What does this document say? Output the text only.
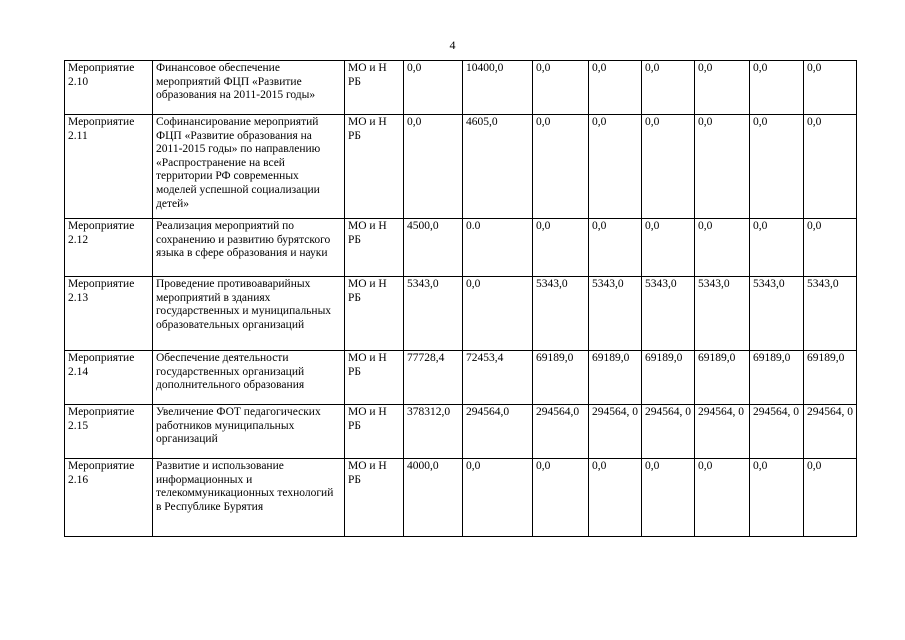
4
Мероприятие 2.10	Финансовое обеспечение мероприятий ФЦП «Развитие образования на 2011-2015 годы»	МО и Н РБ	0,0	10400,0	0,0	0,0	0,0	0,0	0,0	0,0
Мероприятие 2.11	Софинансирование мероприятий ФЦП «Развитие образования на 2011-2015 годы» по направлению «Распространение на всей территории РФ современных моделей успешной социализации детей»	МО и Н РБ	0,0	4605,0	0,0	0,0	0,0	0,0	0,0	0,0
Мероприятие 2.12	Реализация мероприятий по сохранению и развитию бурятского языка в сфере образования и науки	МО и Н РБ	4500,0	0.0	0,0	0,0	0,0	0,0	0,0	0,0
Мероприятие 2.13	Проведение противоаварийных мероприятий в зданиях государственных и муниципальных образовательных организаций	МО и Н РБ	5343,0	0,0	5343,0	5343,0	5343,0	5343,0	5343,0	5343,0
Мероприятие 2.14	Обеспечение деятельности государственных организаций дополнительного образования	МО и Н РБ	77728,4	72453,4	69189,0	69189,0	69189,0	69189,0	69189,0	69189,0
Мероприятие 2.15	Увеличение ФОТ педагогических работников муниципальных организаций	МО и Н РБ	378312,0	294564,0	294564,0	294564, 0	294564, 0	294564, 0	294564, 0	294564, 0
Мероприятие 2.16	Развитие и использование информационных и телекоммуникационных технологий в Республике Бурятия	МО и Н РБ	4000,0	0,0	0,0	0,0	0,0	0,0	0,0	0,0
